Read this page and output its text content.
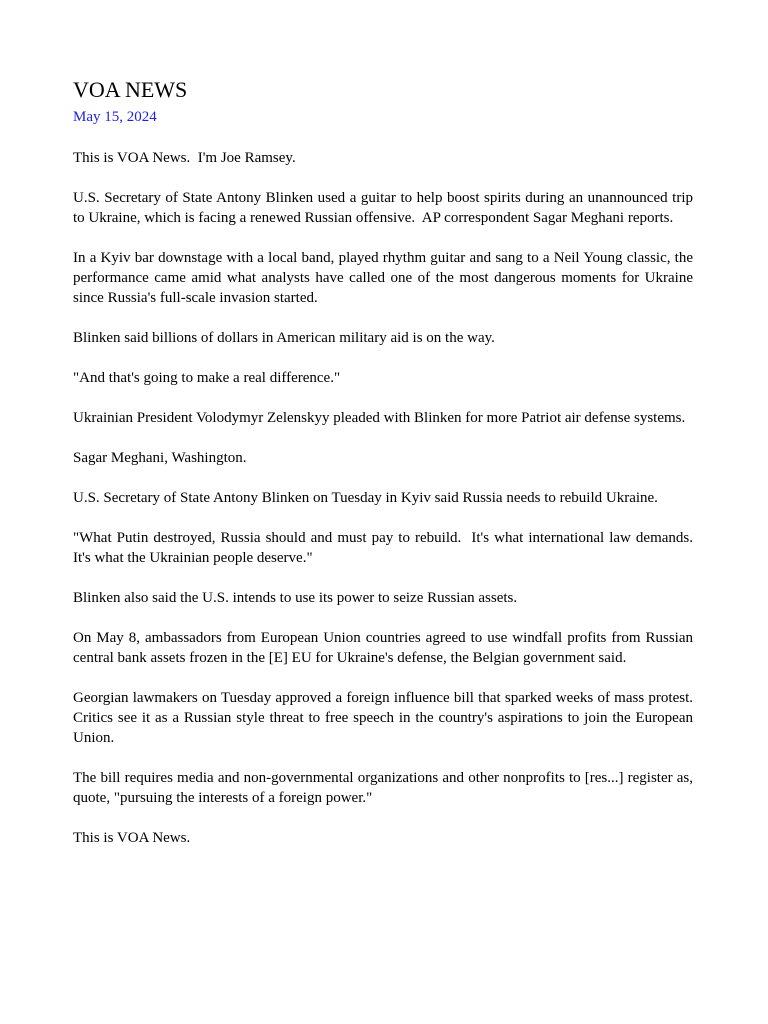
VOA NEWS
May 15, 2024

This is VOA News.  I'm Joe Ramsey.

U.S. Secretary of State Antony Blinken used a guitar to help boost spirits during an unannounced trip to Ukraine, which is facing a renewed Russian offensive.  AP correspondent Sagar Meghani reports.

In a Kyiv bar downstage with a local band, played rhythm guitar and sang to a Neil Young classic, the performance came amid what analysts have called one of the most dangerous moments for Ukraine since Russia's full-scale invasion started.

Blinken said billions of dollars in American military aid is on the way.

"And that's going to make a real difference."

Ukrainian President Volodymyr Zelenskyy pleaded with Blinken for more Patriot air defense systems.

Sagar Meghani, Washington.

U.S. Secretary of State Antony Blinken on Tuesday in Kyiv said Russia needs to rebuild Ukraine.

"What Putin destroyed, Russia should and must pay to rebuild.  It's what international law demands.  It's what the Ukrainian people deserve."

Blinken also said the U.S. intends to use its power to seize Russian assets.

On May 8, ambassadors from European Union countries agreed to use windfall profits from Russian central bank assets frozen in the [E] EU for Ukraine's defense, the Belgian government said.

Georgian lawmakers on Tuesday approved a foreign influence bill that sparked weeks of mass protest.  Critics see it as a Russian style threat to free speech in the country's aspirations to join the European Union.

The bill requires media and non-governmental organizations and other nonprofits to [res...] register as, quote, "pursuing the interests of a foreign power."

This is VOA News.
